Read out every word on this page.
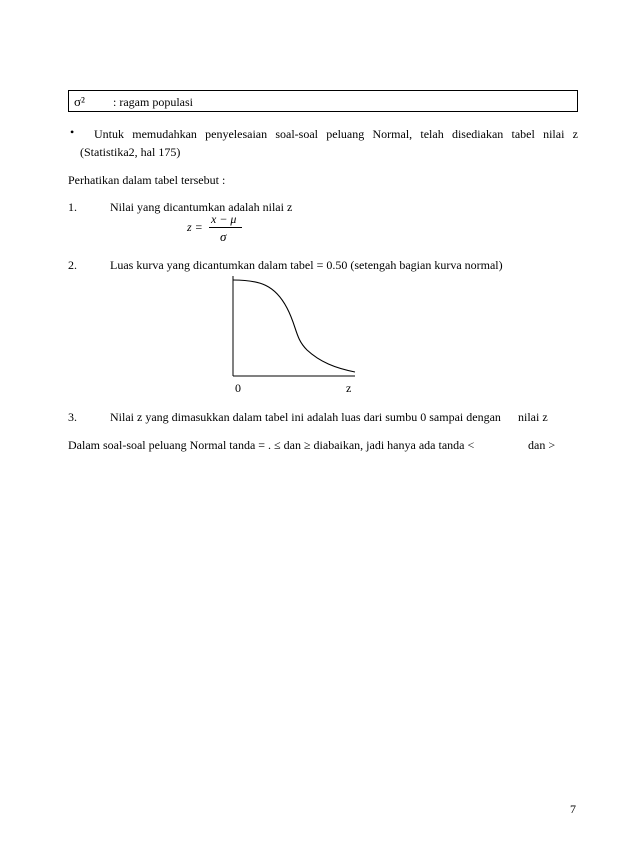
σ² : ragam populasi
• Untuk memudahkan penyelesaian soal-soal peluang Normal, telah disediakan tabel nilai z
(Statistika2, hal 175)
Perhatikan dalam tabel tersebut :
1.	Nilai yang dicantumkan adalah nilai z
z =
x − μ
σ
2.	Luas kurva yang dicantumkan dalam tabel = 0.50 (setengah bagian kurva normal)
0	z
3.	Nilai z yang dimasukkan dalam tabel ini adalah luas dari sumbu 0 sampai dengan nilai z
Dalam soal-soal peluang Normal tanda = . ≤ dan ≥ diabaikan, jadi hanya ada tanda <	dan >
7
